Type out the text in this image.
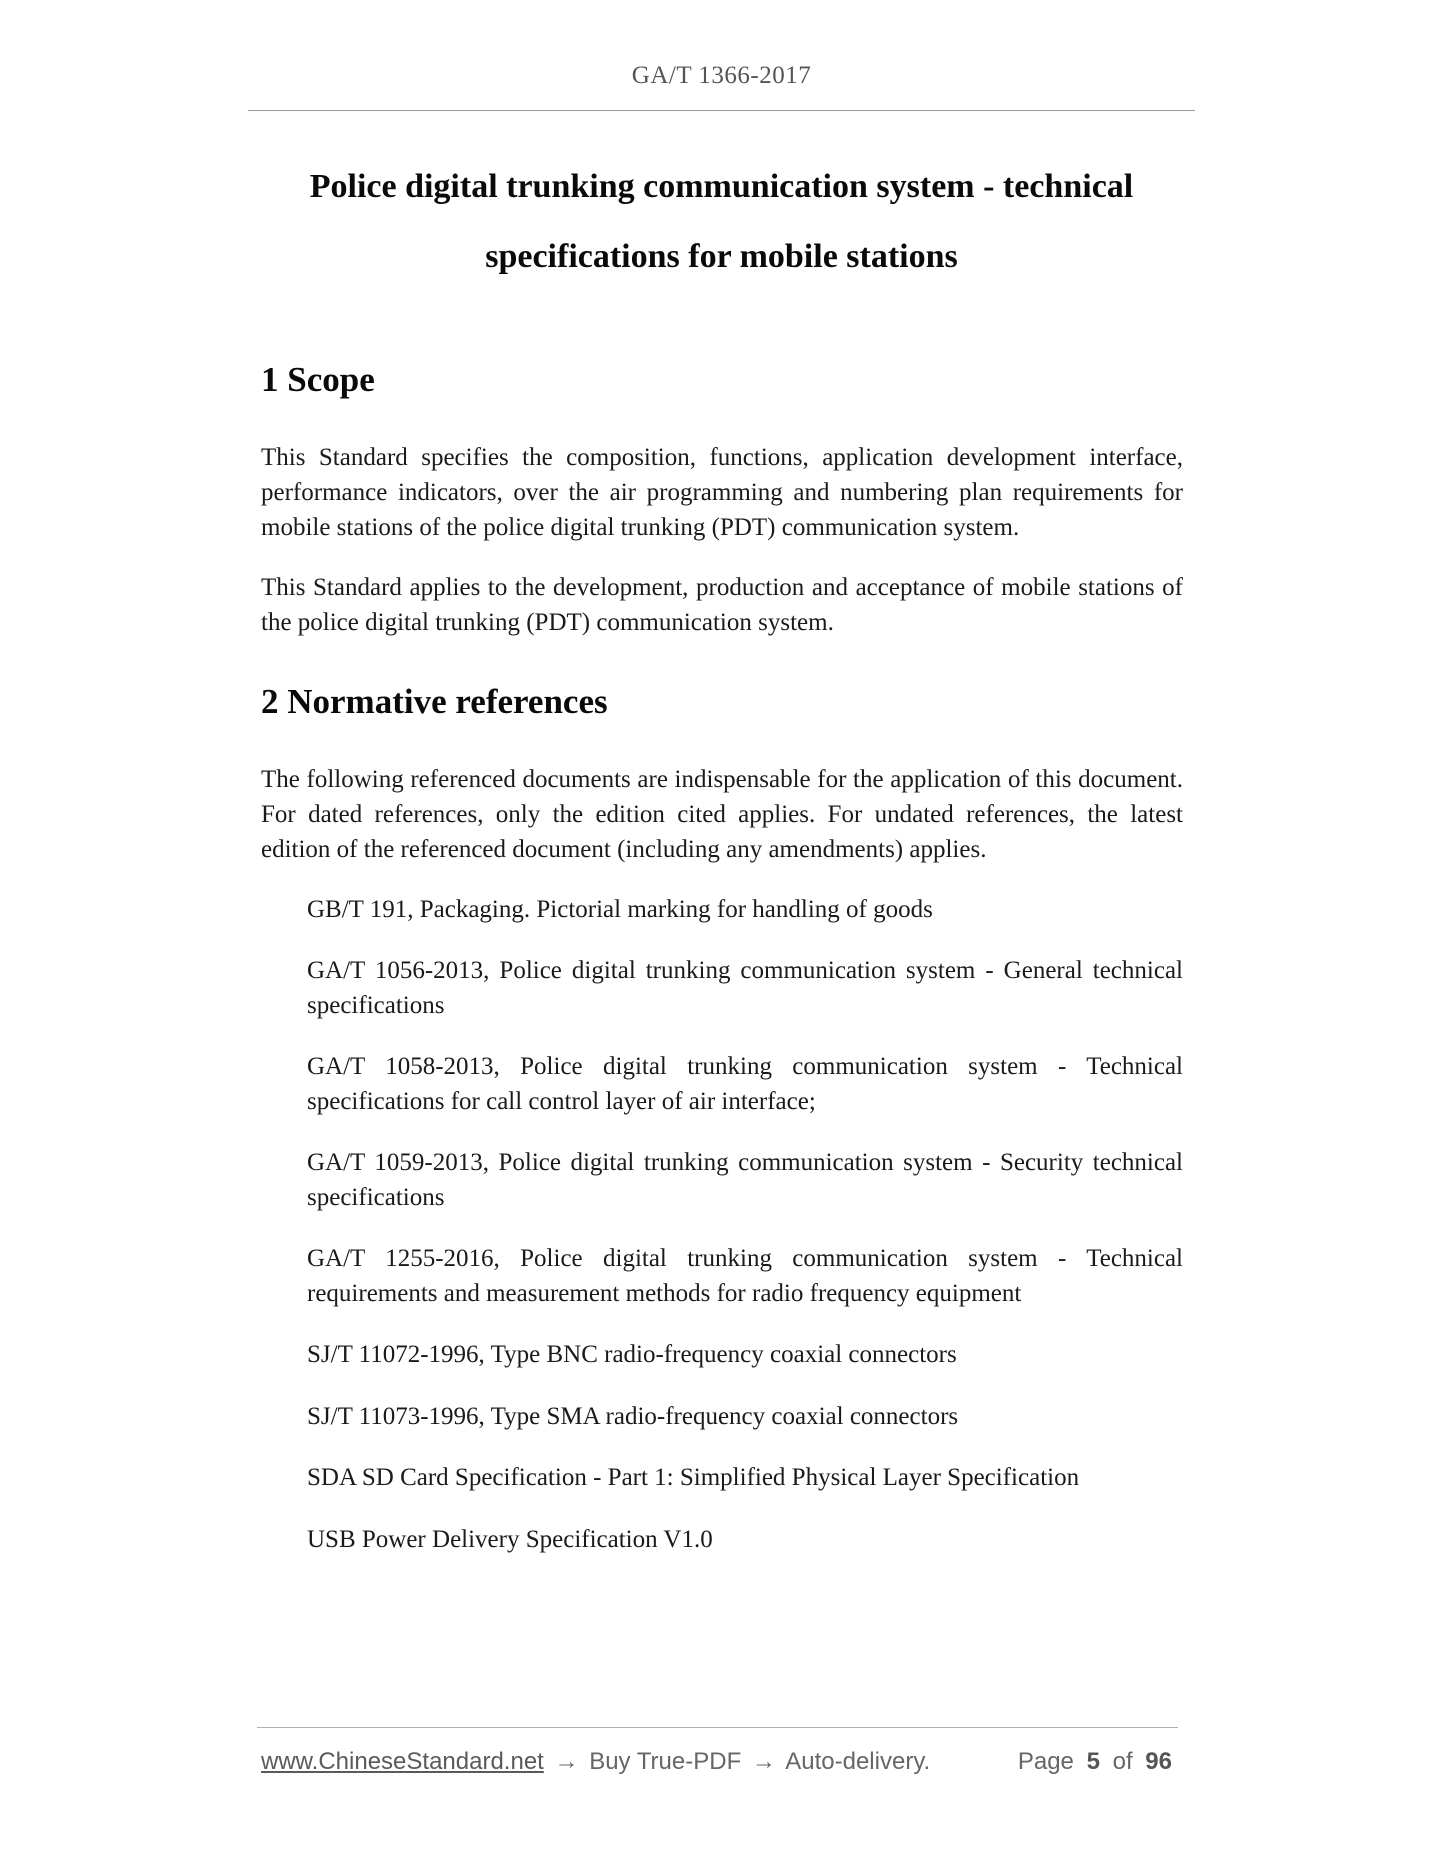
GA/T 1366-2017
Police digital trunking communication system - technical
specifications for mobile stations
1 Scope

This Standard specifies the composition, functions, application development interface, performance indicators, over the air programming and numbering plan requirements for mobile stations of the police digital trunking (PDT) communication system.

This Standard applies to the development, production and acceptance of mobile stations of the police digital trunking (PDT) communication system.

2 Normative references

The following referenced documents are indispensable for the application of this document. For dated references, only the edition cited applies. For undated references, the latest edition of the referenced document (including any amendments) applies.

GB/T 191, Packaging. Pictorial marking for handling of goods

GA/T 1056-2013, Police digital trunking communication system - General technical specifications

GA/T 1058-2013, Police digital trunking communication system - Technical specifications for call control layer of air interface;

GA/T 1059-2013, Police digital trunking communication system - Security technical specifications

GA/T 1255-2016, Police digital trunking communication system - Technical requirements and measurement methods for radio frequency equipment

SJ/T 11072-1996, Type BNC radio-frequency coaxial connectors

SJ/T 11073-1996, Type SMA radio-frequency coaxial connectors

SDA SD Card Specification - Part 1: Simplified Physical Layer Specification

USB Power Delivery Specification V1.0

www.ChineseStandard.net → Buy True-PDF → Auto-delivery.	Page 5 of 96
